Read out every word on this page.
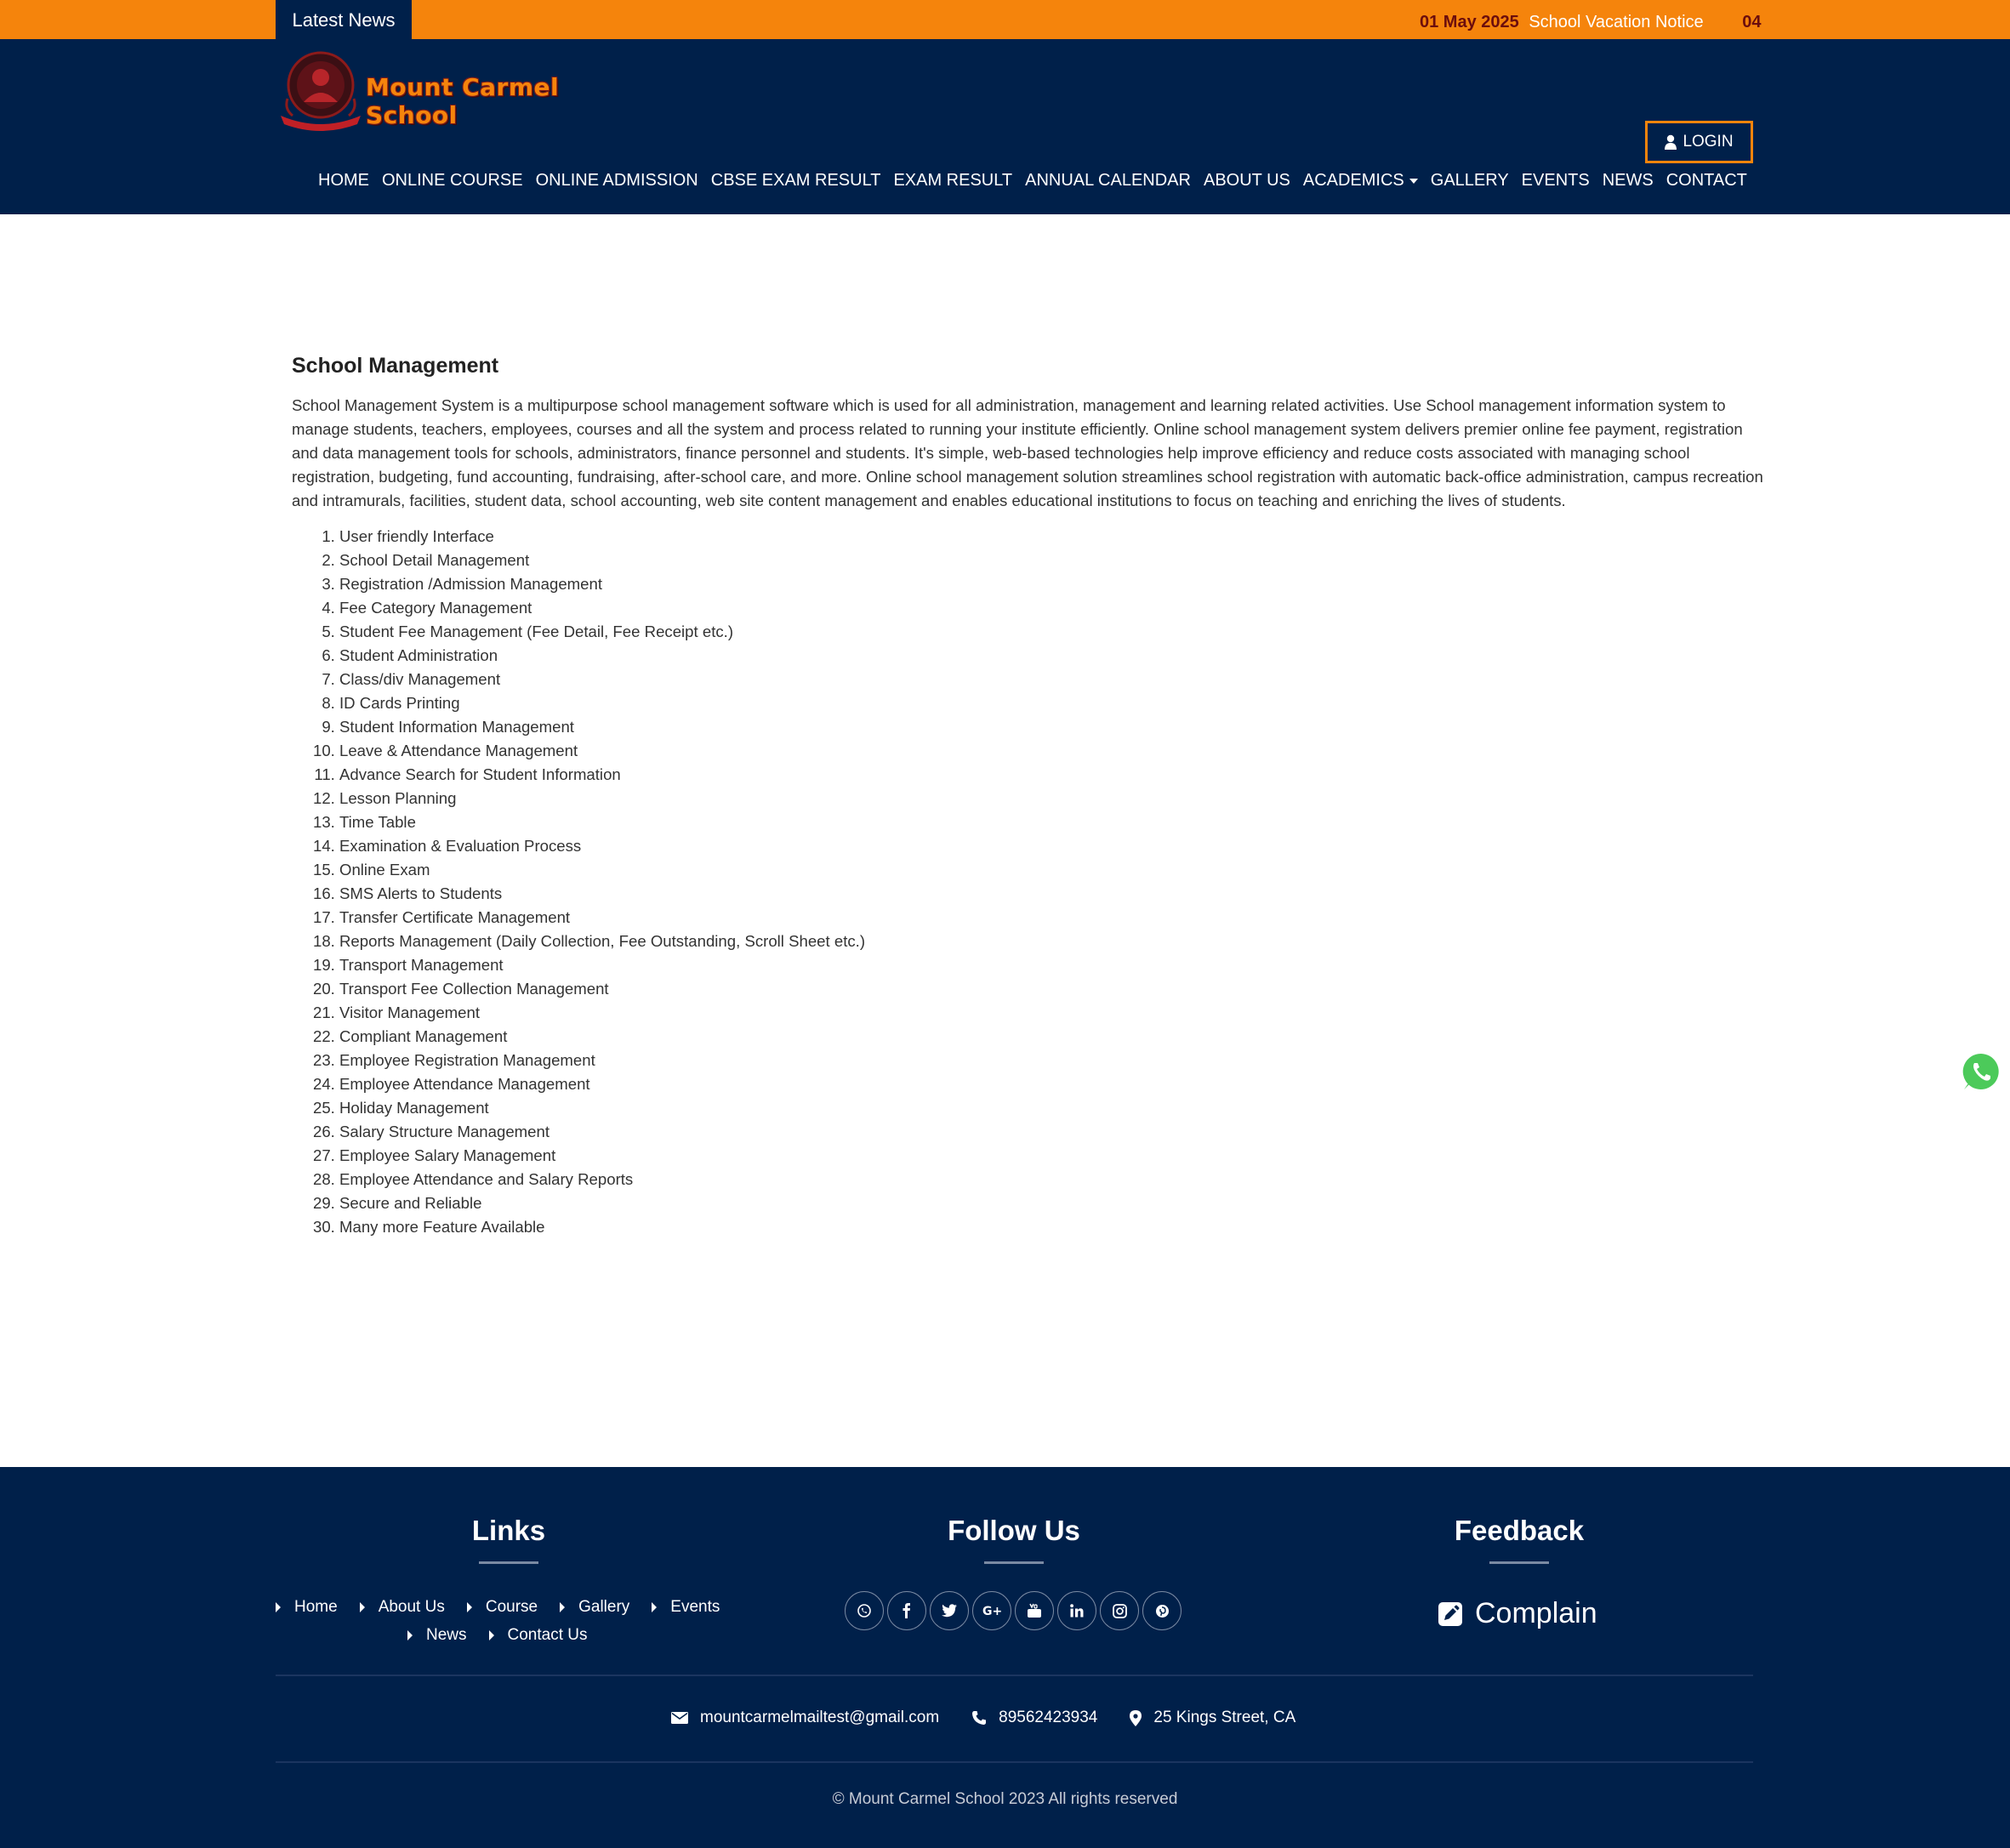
Latest News	01 May 2025 School Vacation Notice 04
Mount Carmel School
HOME ONLINE COURSE ONLINE ADMISSION CBSE EXAM RESULT EXAM RESULT ANNUAL CALENDAR ABOUT US ACADEMICS	GALLERY EVENTS NEWS CONTACT
LOGIN
School Management

School Management System is a multipurpose school management software which is used for all administration, management and learning related activities. Use School management information system to manage students, teachers, employees, courses and all the system and process related to running your institute efficiently. Online school management system delivers premier online fee payment, registration and data management tools for schools, administrators, finance personnel and students. It's simple, web-based technologies help improve efficiency and reduce costs associated with managing school registration, budgeting, fund accounting, fundraising, after-school care, and more. Online school management solution streamlines school registration with automatic back-office administration, campus recreation and intramurals, facilities, student data, school accounting, web site content management and enables educational institutions to focus on teaching and enriching the lives of students.

1. User friendly Interface
2. School Detail Management
3. Registration /Admission Management
4. Fee Category Management
5. Student Fee Management (Fee Detail, Fee Receipt etc.)
6. Student Administration
7. Class/div Management
8. ID Cards Printing
9. Student Information Management
10. Leave & Attendance Management
11. Advance Search for Student Information
12. Lesson Planning
13. Time Table
14. Examination & Evaluation Process
15. Online Exam
16. SMS Alerts to Students
17. Transfer Certificate Management
18. Reports Management (Daily Collection, Fee Outstanding, Scroll Sheet etc.)
19. Transport Management
20. Transport Fee Collection Management
21. Visitor Management
22. Compliant Management
23. Employee Registration Management
24. Employee Attendance Management
25. Holiday Management
26. Salary Structure Management
27. Employee Salary Management
28. Employee Attendance and Salary Reports
29. Secure and Reliable
30. Many more Feature Available
Links
Home	About Us	Course	Gallery	Events
News	Contact Us
Follow Us
G+
Feedback
Complain
mountcarmelmailtest@gmail.com	89562423934	25 Kings Street, CA
© Mount Carmel School 2023 All rights reserved
